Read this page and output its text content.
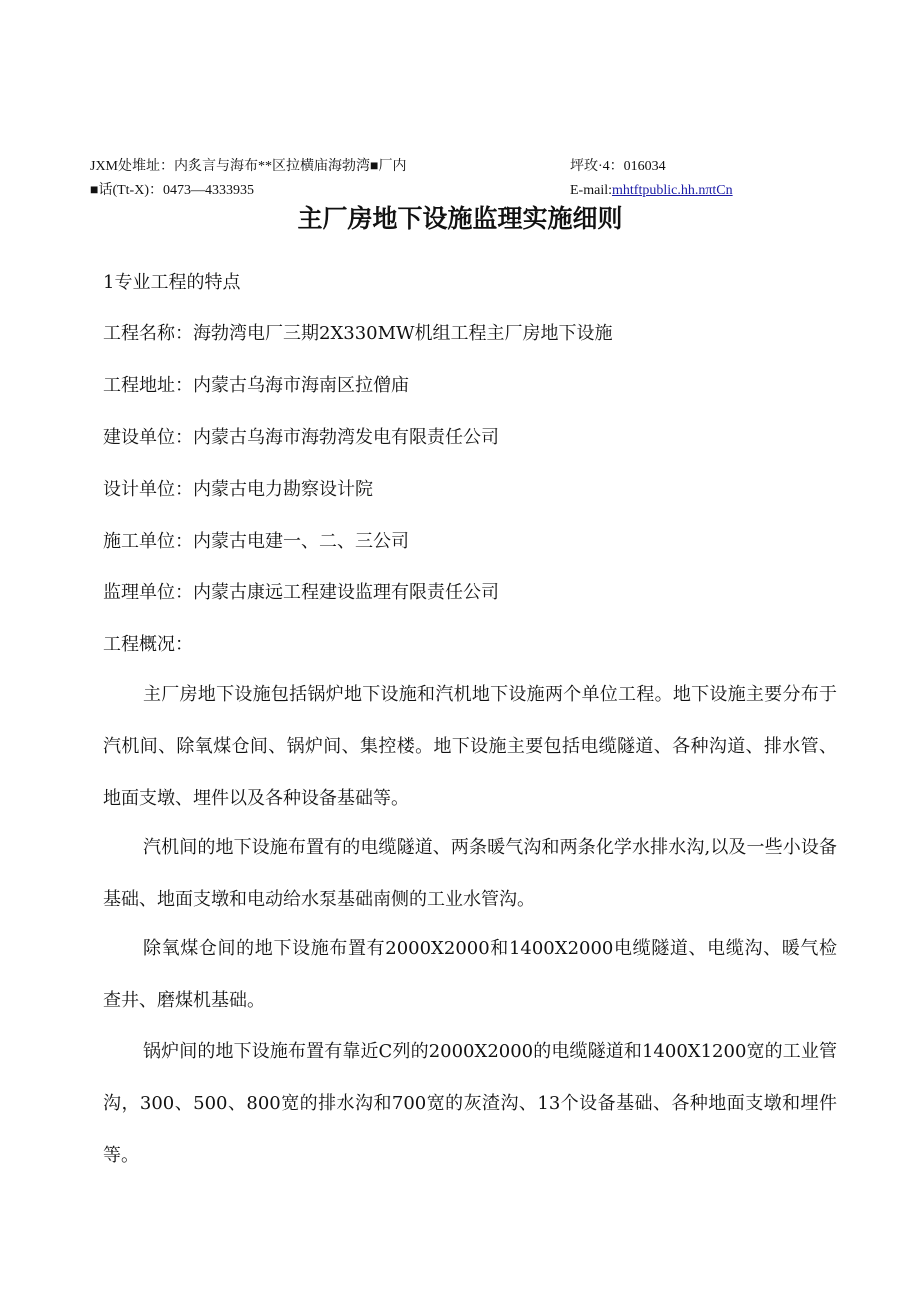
JXM处堆址：内炙言与海布**区拉横庙海勃湾■厂内	坪玫·4：016034
■话(Tt-X)：0473—4333935	E-mail:mhtftpublic.hh.nπtCn
主厂房地下设施监理实施细则
1专业工程的特点
工程名称：海勃湾电厂三期2X330MW机组工程主厂房地下设施
工程地址：内蒙古乌海市海南区拉僧庙
建设单位：内蒙古乌海市海勃湾发电有限责任公司
设计单位：内蒙古电力勘察设计院
施工单位：内蒙古电建一、二、三公司
监理单位：内蒙古康远工程建设监理有限责任公司
工程概况：

主厂房地下设施包括锅炉地下设施和汽机地下设施两个单位工程。地下设施主要分布于汽机间、除氧煤仓间、锅炉间、集控楼。地下设施主要包括电缆隧道、各种沟道、排水管、地面支墩、埋件以及各种设备基础等。

汽机间的地下设施布置有的电缆隧道、两条暖气沟和两条化学水排水沟,以及一些小设备基础、地面支墩和电动给水泵基础南侧的工业水管沟。

除氧煤仓间的地下设施布置有2000X2000和1400X2000电缆隧道、电缆沟、暖气检查井、磨煤机基础。

锅炉间的地下设施布置有靠近C列的2000X2000的电缆隧道和1400X1200宽的工业管沟，300、500、800宽的排水沟和700宽的灰渣沟、13个设备基础、各种地面支墩和埋件等。
